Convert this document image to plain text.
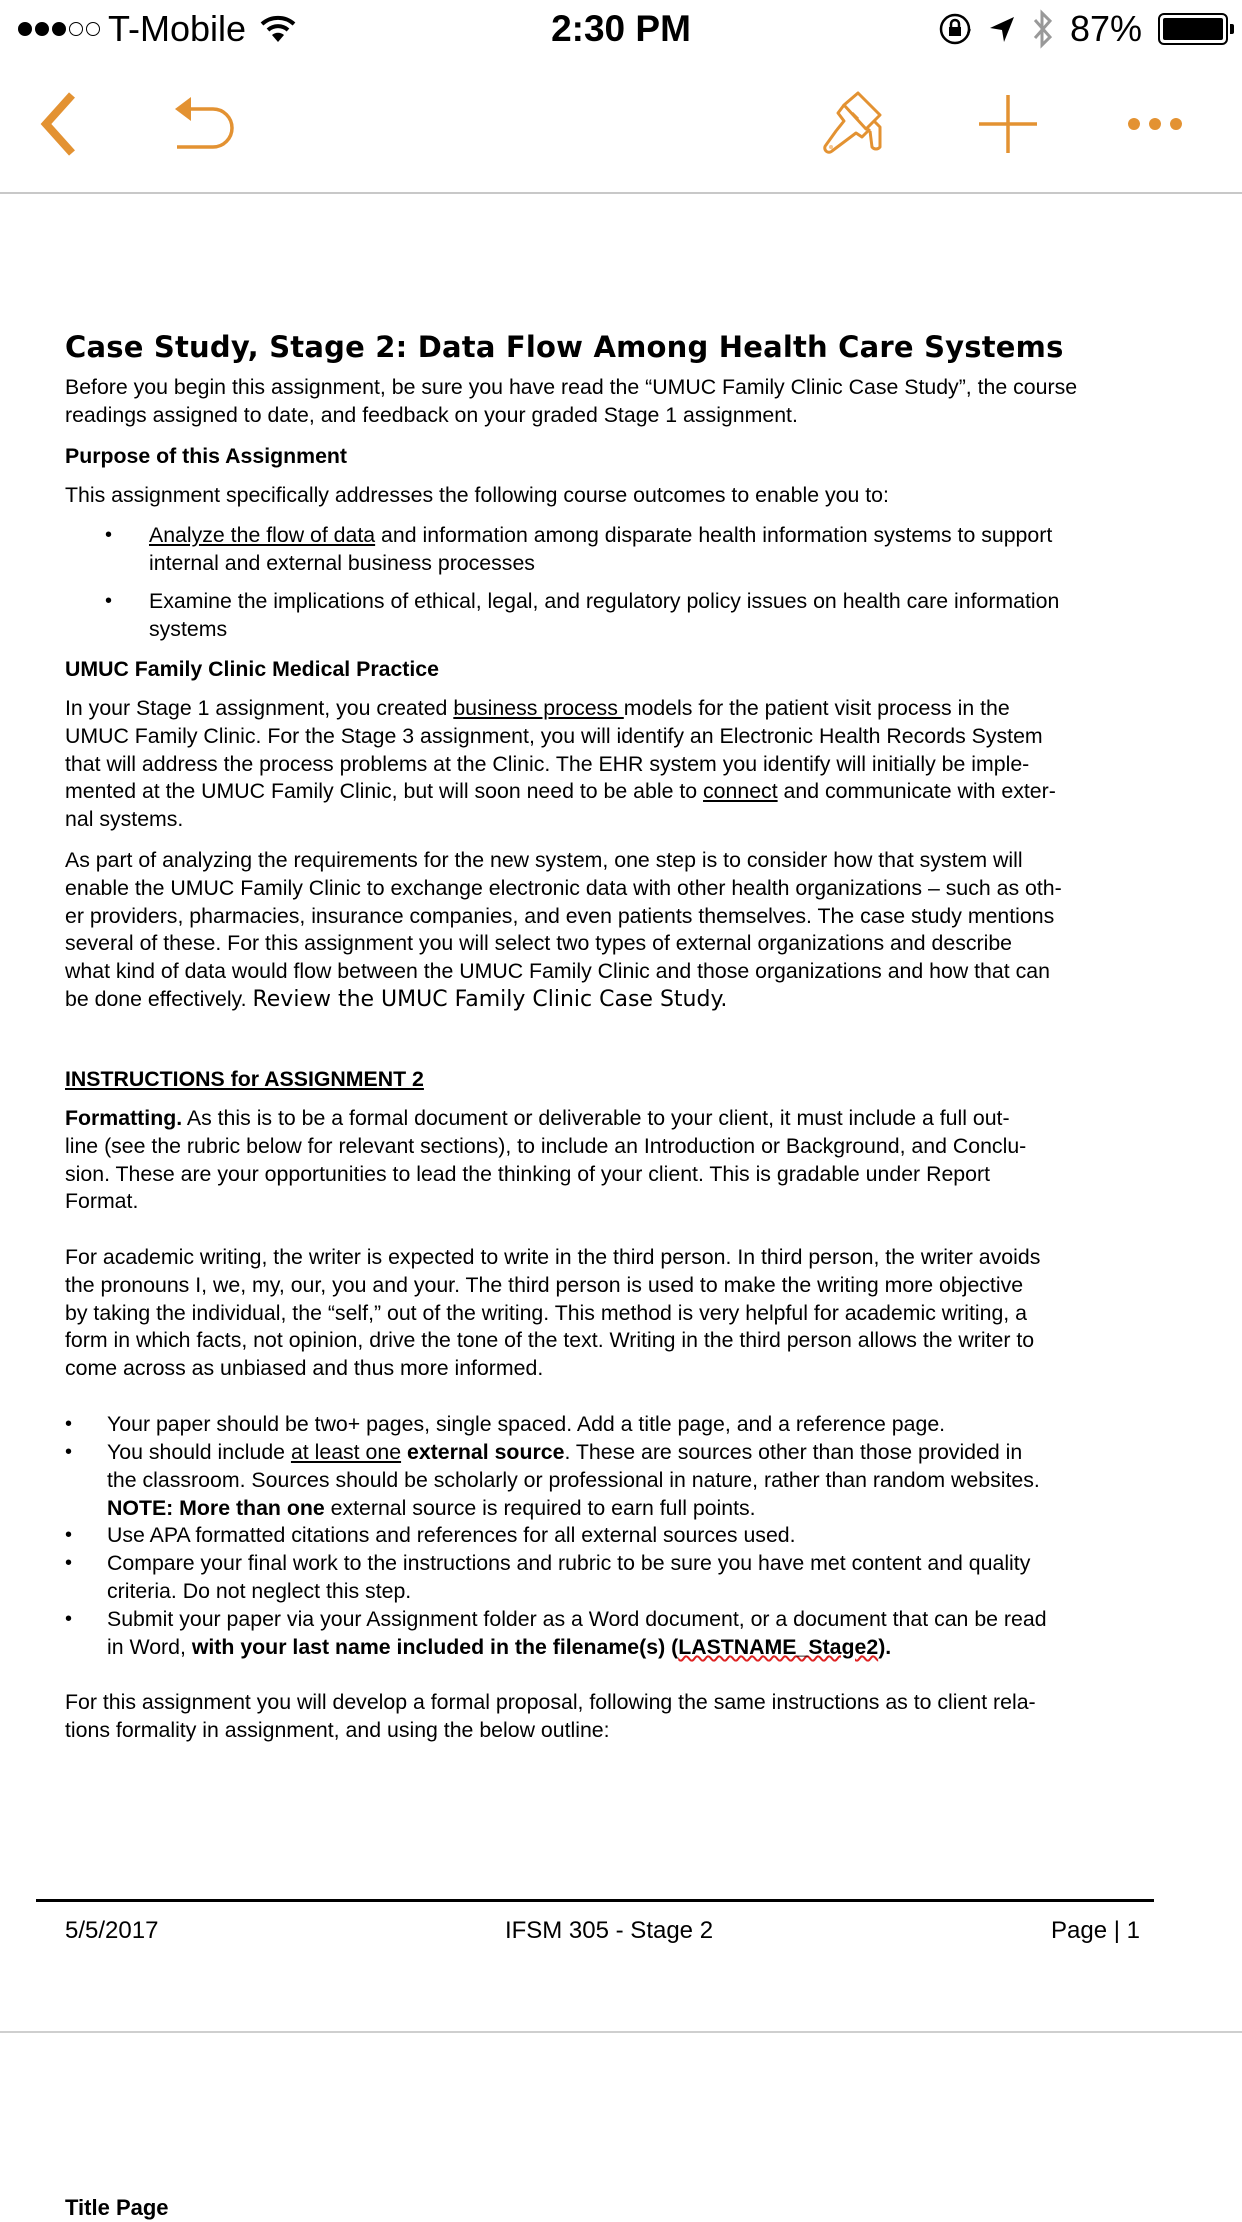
T-Mobile	2:30 PM	87%
Case Study, Stage 2: Data Flow Among Health Care Systems
Before you begin this assignment, be sure you have read the “UMUC Family Clinic Case Study”, the course
readings assigned to date, and feedback on your graded Stage 1 assignment.
Purpose of this Assignment
This assignment specifically addresses the following course outcomes to enable you to:
• Analyze the flow of data and information among disparate health information systems to support
internal and external business processes
• Examine the implications of ethical, legal, and regulatory policy issues on health care information
systems
UMUC Family Clinic Medical Practice
In your Stage 1 assignment, you created business process models for the patient visit process in the
UMUC Family Clinic. For the Stage 3 assignment, you will identify an Electronic Health Records System
that will address the process problems at the Clinic. The EHR system you identify will initially be imple-
mented at the UMUC Family Clinic, but will soon need to be able to connect and communicate with exter-
nal systems.
As part of analyzing the requirements for the new system, one step is to consider how that system will
enable the UMUC Family Clinic to exchange electronic data with other health organizations – such as oth-
er providers, pharmacies, insurance companies, and even patients themselves. The case study mentions
several of these. For this assignment you will select two types of external organizations and describe
what kind of data would flow between the UMUC Family Clinic and those organizations and how that can
be done effectively. Review the UMUC Family Clinic Case Study.
INSTRUCTIONS for ASSIGNMENT 2
Formatting. As this is to be a formal document or deliverable to your client, it must include a full out-
line (see the rubric below for relevant sections), to include an Introduction or Background, and Conclu-
sion. These are your opportunities to lead the thinking of your client. This is gradable under Report
Format.
For academic writing, the writer is expected to write in the third person. In third person, the writer avoids
the pronouns I, we, my, our, you and your. The third person is used to make the writing more objective
by taking the individual, the “self,” out of the writing. This method is very helpful for academic writing, a
form in which facts, not opinion, drive the tone of the text. Writing in the third person allows the writer to
come across as unbiased and thus more informed.
• Your paper should be two+ pages, single spaced. Add a title page, and a reference page.
• You should include at least one external source. These are sources other than those provided in
the classroom. Sources should be scholarly or professional in nature, rather than random websites.
NOTE: More than one external source is required to earn full points.
• Use APA formatted citations and references for all external sources used.
• Compare your final work to the instructions and rubric to be sure you have met content and quality
criteria. Do not neglect this step.
• Submit your paper via your Assignment folder as a Word document, or a document that can be read
in Word, with your last name included in the filename(s) (LASTNAME_Stage2).
For this assignment you will develop a formal proposal, following the same instructions as to client rela-
tions formality in assignment, and using the below outline:
5/5/2017	IFSM 305 - Stage 2	Page | 1
Title Page
